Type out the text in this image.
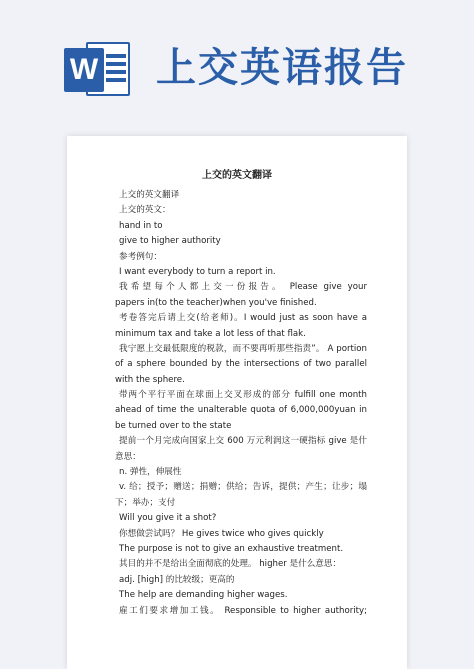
W 上交英语报告
上交的英文翻译
上交的英文翻译
上交的英文：
hand in to
give to higher authority
参考例句：
I want everybody to turn a report in.
我希望每个人都上交一份报告。 Please give your
papers in(to the teacher)when you've finished.
考卷答完后请上交(给老师)。I would just as soon have a
minimum tax and take a lot less of that flak.
我宁愿上交最低限度的税款，而不要再听那些指责”。 A portion
of a sphere bounded by the intersections of two parallel
with the sphere.
带两个平行平面在球面上交叉形成的部分 fulfill one month
ahead of time the unalterable quota of 6,000,000yuan in
be turned over to the state
提前一个月完成向国家上交 600 万元利润这一硬指标 give 是什
意思：
n. 弹性，伸展性
v. 给；授予；赠送；捐赠；供给；告诉，提供；产生；让步；塌
下；举办；支付
Will you give it a shot?
你想做尝试吗？ He gives twice who gives quickly
The purpose is not to give an exhaustive treatment.
其目的并不是给出全面彻底的处理。 higher 是什么意思：
adj. [high] 的比较级；更高的
The help are demanding higher wages.
雇工们要求增加工钱。 Responsible to higher authority;
